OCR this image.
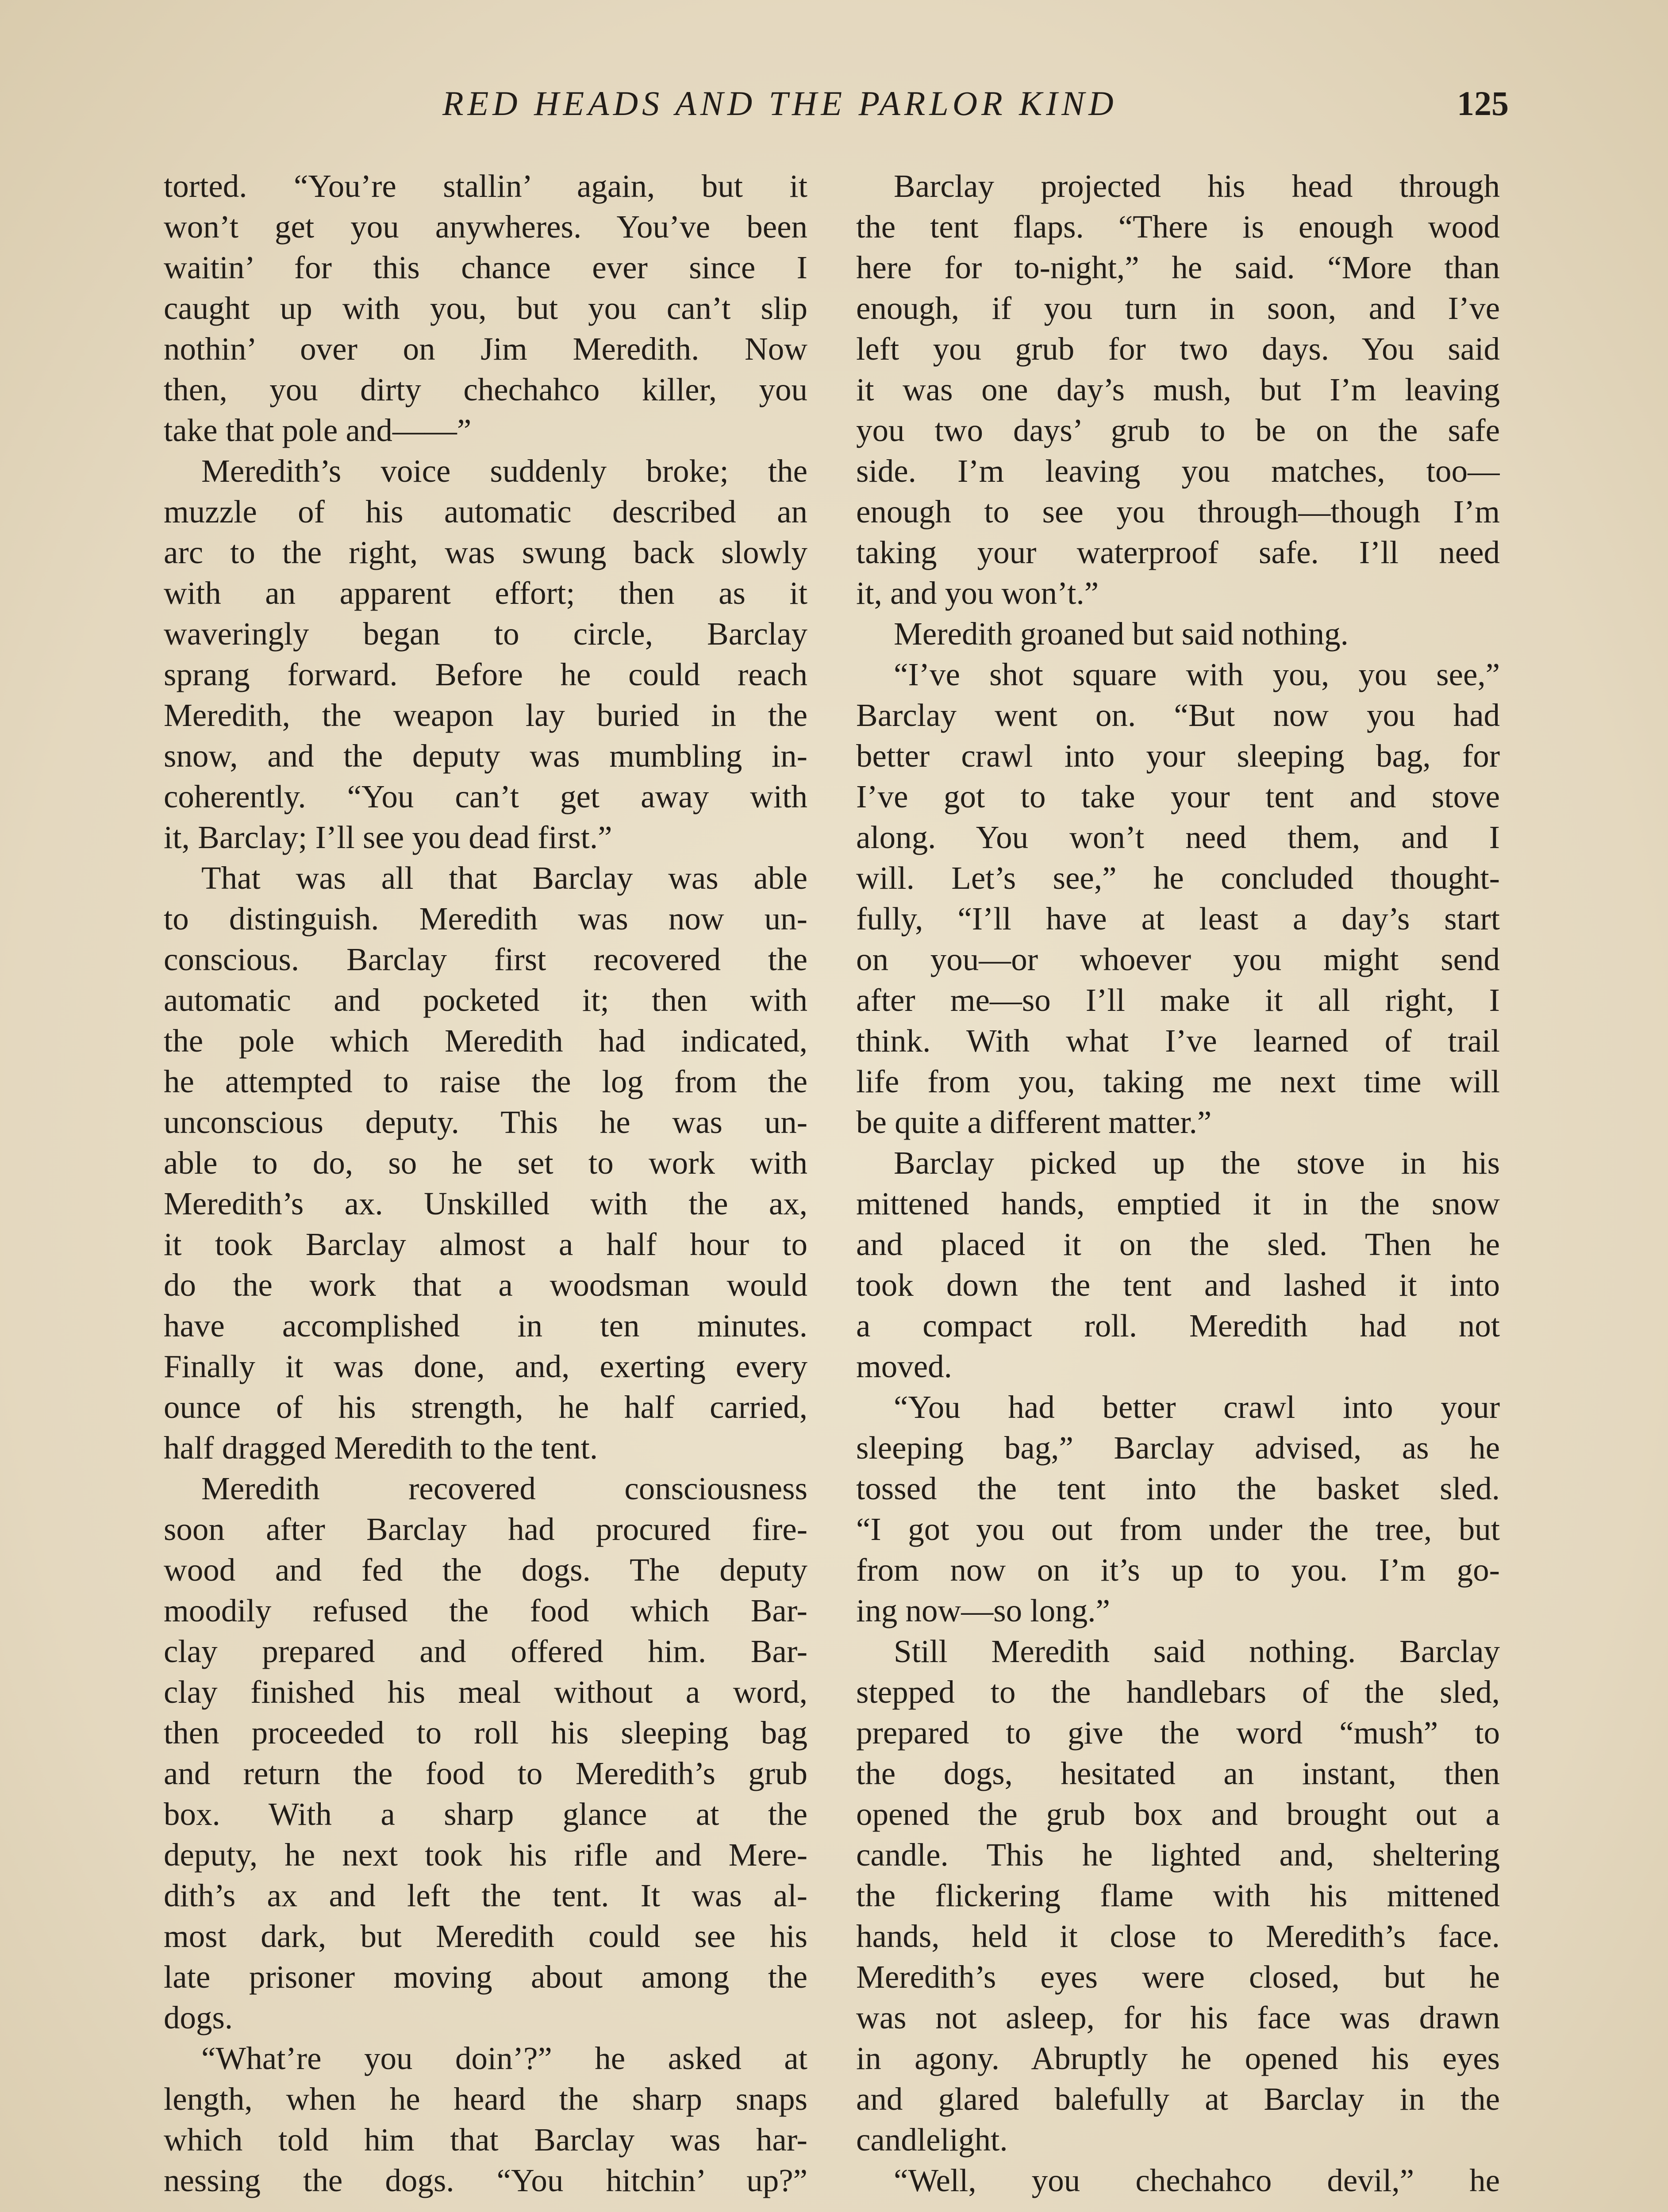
RED HEADS AND THE PARLOR KIND	125
torted. “You’re stallin’ again, but it
won’t get you anywheres. You’ve been
waitin’ for this chance ever since I
caught up with you, but you can’t slip
nothin’ over on Jim Meredith. Now
then, you dirty chechahco killer, you
take that pole and——”
Meredith’s voice suddenly broke; the
muzzle of his automatic described an
arc to the right, was swung back slowly
with an apparent effort; then as it
waveringly began to circle, Barclay
sprang forward. Before he could reach
Meredith, the weapon lay buried in the
snow, and the deputy was mumbling in-
coherently. “You can’t get away with
it, Barclay; I’ll see you dead first.”
That was all that Barclay was able
to distinguish. Meredith was now un-
conscious. Barclay first recovered the
automatic and pocketed it; then with
the pole which Meredith had indicated,
he attempted to raise the log from the
unconscious deputy. This he was un-
able to do, so he set to work with
Meredith’s ax. Unskilled with the ax,
it took Barclay almost a half hour to
do the work that a woodsman would
have accomplished in ten minutes.
Finally it was done, and, exerting every
ounce of his strength, he half carried,
half dragged Meredith to the tent.
Meredith recovered consciousness
soon after Barclay had procured fire-
wood and fed the dogs. The deputy
moodily refused the food which Bar-
clay prepared and offered him. Bar-
clay finished his meal without a word,
then proceeded to roll his sleeping bag
and return the food to Meredith’s grub
box. With a sharp glance at the
deputy, he next took his rifle and Mere-
dith’s ax and left the tent. It was al-
most dark, but Meredith could see his
late prisoner moving about among the
dogs.
“What’re you doin’?” he asked at
length, when he heard the sharp snaps
which told him that Barclay was har-
nessing the dogs. “You hitchin’ up?”
Barclay projected his head through
the tent flaps. “There is enough wood
here for to-night,” he said. “More than
enough, if you turn in soon, and I’ve
left you grub for two days. You said
it was one day’s mush, but I’m leaving
you two days’ grub to be on the safe
side. I’m leaving you matches, too—
enough to see you through—though I’m
taking your waterproof safe. I’ll need
it, and you won’t.”
Meredith groaned but said nothing.
“I’ve shot square with you, you see,”
Barclay went on. “But now you had
better crawl into your sleeping bag, for
I’ve got to take your tent and stove
along. You won’t need them, and I
will. Let’s see,” he concluded thought-
fully, “I’ll have at least a day’s start
on you—or whoever you might send
after me—so I’ll make it all right, I
think. With what I’ve learned of trail
life from you, taking me next time will
be quite a different matter.”
Barclay picked up the stove in his
mittened hands, emptied it in the snow
and placed it on the sled. Then he
took down the tent and lashed it into
a compact roll. Meredith had not
moved.
“You had better crawl into your
sleeping bag,” Barclay advised, as he
tossed the tent into the basket sled.
“I got you out from under the tree, but
from now on it’s up to you. I’m go-
ing now—so long.”
Still Meredith said nothing. Barclay
stepped to the handlebars of the sled,
prepared to give the word “mush” to
the dogs, hesitated an instant, then
opened the grub box and brought out a
candle. This he lighted and, sheltering
the flickering flame with his mittened
hands, held it close to Meredith’s face.
Meredith’s eyes were closed, but he
was not asleep, for his face was drawn
in agony. Abruptly he opened his eyes
and glared balefully at Barclay in the
candlelight.
“Well, you chechahco devil,” he
